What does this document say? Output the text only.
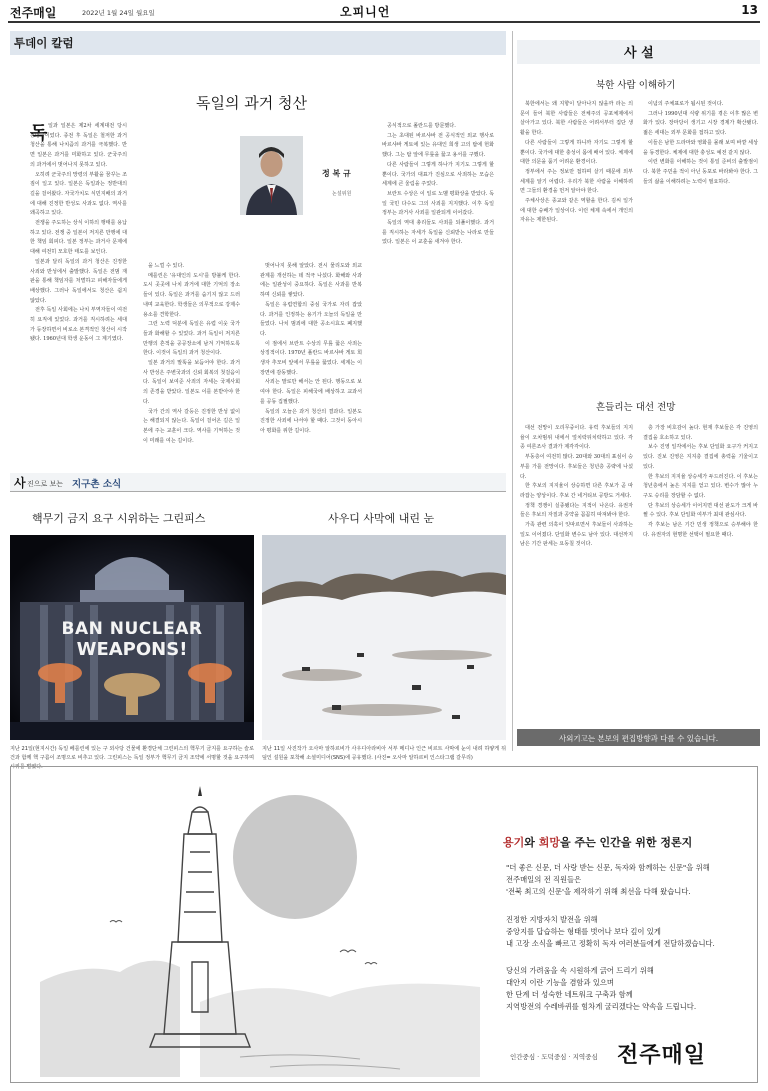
전주매일	2022년 1월 24일 월요일	오피니언	13
투데이 칼럼
독일의 과거 청산
정 복 규
논설위원
독 일과 일본은 제2차 세계대전 당시 동맹국이었다. 종전 후 독일은 철저한 과거 청산을 통해 나치즘의 과거를 극복했다. 반면 일본은 과거를 미화하고 있다. 군국주의의 과거에서 벗어나지 못하고 있다.

오히려 군국주의 망령의 부활을 꿈꾸는 조짐이 일고 있다. 일본은 독일과는 정반대의 길을 걸어왔다. 자국가치도 식민지배의 과거에 대해 진정한 반성도 사과도 없다. 역사를 왜곡하고 있다.

전쟁을 주도하는 상식 이하의 행태를 용납하고 있다. 전쟁 중 일본이 저지른 만행에 대한 책임 회피다. 일본 정부는 과거사 문제에 대해 여전히 모호한 태도를 보인다.

일본과 달리 독일의 과거 청산은 진정한 사죄와 반성에서 출발했다. 독일은 전범 재판을 통해 책임자를 처벌하고 피해자들에게 배상했다. 그러나 독일에서도 청산은 쉽지 않았다.

전후 독일 사회에는 나치 부역자들이 여전히 요직에 있었다. 과거를 직시하려는 세대가 등장하면서 비로소 본격적인 청산이 시작됐다. 1960년대 학생 운동이 그 계기였다.

을 느낄 수 있다.

메를린은 '유대인의 도시'를 방불케 한다. 도시 곳곳에 나치 과거에 대한 기억의 장소들이 있다. 독일은 과거를 숨기지 않고 드러내며 교육한다. 학생들은 의무적으로 강제수용소를 견학한다.

그런 노력 덕분에 독일은 유럽 이웃 국가들과 화해할 수 있었다. 과거 독일이 저지른 만행의 흔적을 공공장소에 남겨 기억하도록 한다. 이것이 독일의 과거 청산이다.

일본 과거의 말뚝을 보듬어야 한다. 과거사 반성은 주변국과의 신뢰 회복의 첫걸음이다. 독일이 보여준 사죄의 자세는 국제사회의 존경을 받았다. 일본도 이를 본받아야 한다.

국가 간의 역사 갈등은 진정한 반성 없이는 해결되지 않는다. 독일이 걸어온 길은 일본에 주는 교훈이 크다. 역사를 기억하는 것이 미래를 여는 길이다.

벗어나지 못해 알았다. 전시 물리도와 외교 관계를 개선하는 데 적극 나섰다. 화해와 사과에는 일관성이 중요하다. 독일은 사과를 반복하며 신뢰를 쌓았다.

독일은 유럽연합의 중심 국가로 자리 잡았다. 과거를 인정하는 용기가 오늘의 독일을 만들었다. 나치 범죄에 대한 공소시효도 폐지했다.

이 점에서 브란트 수상의 무릎 꿇은 사죄는 상징적이다. 1970년 폴란드 바르샤바 게토 희생자 추모비 앞에서 무릎을 꿇었다. 세계는 이 장면에 감동했다.

사죄는 말로만 해서는 안 된다. 행동으로 보여야 한다. 독일은 피해국에 배상하고 교과서를 공동 집필했다.

독일의 오늘은 과거 청산의 결과다. 일본도 진정한 사죄에 나서야 할 때다. 그것이 동아시아 평화를 위한 길이다.

공식적으로 폴란드를 방문했다.

그는 초대된 바르샤바 전 공식적인 외교 행사로 바르샤바 게토에 있는 유대인 희생 고의 탑에 헌화했다. 그는 탑 앞에 무릎을 꿇고 용서를 구했다.

다른 사람들이 그렇게 하나가 지기도 그렇게 할 뿐이다. 국가의 대표가 진심으로 사죄하는 모습은 세계에 큰 울림을 주었다.

브란트 수상은 이 일로 노벨 평화상을 받았다. 독일 국민 다수도 그의 사죄를 지지했다. 이후 독일 정부는 과거사 사죄를 일관되게 이어갔다.

독일의 역대 총리들도 사죄를 되풀이했다. 과거를 직시하는 자세가 독일을 신뢰받는 나라로 만들었다. 일본은 이 교훈을 새겨야 한다.

사 진으로 보는 지구촌 소식
핵무기 금지 요구 시위하는 그린피스	사우디 사막에 내린 눈
BAN NUCLEAR
WEAPONS!
지난 21일(현지시간) 독일 베를린에 있는 구 외사당 건물에 환경단체 그린피스의 핵무기 금지를 요구하는 슬로건과 함께 핵 구름이 조명으로 비추고 있다. 그린피스는 독일 정부가 핵무기 금지 조약에 서명할 것을 요구하며 시위를 벌였다.
지난 11일 사진작가 오사마 알하르비가 사우디아라비아 서부 메디나 인근 비르트 사막에 눈이 내려 하얗게 뒤덮인 설원을 포착해 소셜미디어(SNS)에 공유했다. (사진= 오사마 알하르비 인스타그램 갈무리)
사 설
북한 사람 이해하기

북한에서는 왜 지향이 달아나지 않을까 라는 의문이 들어 북한 사람들은 전체주의 공포체제에서 살아가고 있다. 북한 사람들은 어려서부터 집단 생활을 한다.

다른 사람들이 그렇게 하니까 자기도 그렇게 할 뿐이다. 국가에 대한 충성이 몸에 배어 있다. 체제에 대한 의문을 품기 어려운 환경이다.

정부에서 주는 정보만 접하며 살기 때문에 외부 세계를 알기 어렵다. 우리가 북한 사람을 이해하려면 그들의 환경을 먼저 알아야 한다.

주체사상은 종교와 같은 역할을 한다. 김씨 일가에 대한 숭배가 일상이다. 이런 체제 속에서 개인의 자유는 제한된다.

이념의 주체표로가 됩시된 것이다.

그러나 1990년대 식량 위기를 겪은 이후 많은 변화가 있다. 장마당이 생기고 시장 경제가 확산됐다. 젊은 세대는 외부 문화를 접하고 있다.

이들은 남한 드라마와 영화를 몰래 보며 바깥 세상을 동경한다. 체제에 대한 충성도 예전 같지 않다.

이런 변화를 이해하는 것이 통일 준비의 출발점이다. 북한 주민을 적이 아닌 동포로 바라봐야 한다. 그들의 삶을 이해하려는 노력이 필요하다.

흔들리는 대선 전망

대선 전망이 오리무중이다. 유력 후보들의 지지율이 오차범위 내에서 엎치락뒤치락하고 있다. 각종 여론조사 결과가 제각각이다.

부동층이 여전히 많다. 20대와 30대의 표심이 승부를 가를 전망이다. 후보들은 청년층 공략에 나섰다.

한 후보의 지지율이 상승하면 다른 후보가 곧 따라잡는 양상이다. 후보 간 네거티브 공방도 거세다.

정책 경쟁이 실종됐다는 지적이 나온다. 유권자들은 후보의 자질과 공약을 꼼꼼히 따져봐야 한다.

가족 관련 의혹이 잇따르면서 후보들이 사과하는 일도 이어졌다. 단일화 변수도 남아 있다. 대선까지 남은 기간 판세는 요동칠 것이다.

층 가장 비호감이 높다. 현재 후보들은 각 진영의 결집을 호소하고 있다.

보수 진영 일각에서는 후보 단일화 요구가 커지고 있다. 진보 진영은 지지층 결집에 총력을 기울이고 있다.

한 후보의 지지율 상승세가 두드러진다. 이 후보는 청년층에서 높은 지지를 얻고 있다. 변수가 많아 누구도 승리를 장담할 수 없다.

단 후보의 상승세가 이어지면 대선 판도가 크게 바뀔 수 있다. 후보 단일화 여부가 최대 관심사다.

각 후보는 남은 기간 민생 정책으로 승부해야 한다. 유권자의 현명한 선택이 필요한 때다.

사외기고는 본보의 편집방향과 다를 수 있습니다.
용기와 희망을 주는 인간을 위한 정론지
"더 좋은 신문, 더 사랑 받는 신문, 독자와 함께하는 신문"을 위해
전주매일의 전 직원들은
'전북 최고의 신문'을 제작하기 위해 최선을 다해 왔습니다.
진정한 지방자치 발전을 위해
중앙지를 답습하는 형태를 벗어나 보다 깊이 있게
내 고장 소식을 빠르고 정확히 독자 여러분들에게 전달하겠습니다.
당신의 가려움을 속 시원하게 긁어 드리기 위해
대안지 이란 기능을 겸함과 있으며
한 단계 더 성숙한 네트워크 구축과 함께
지역방전의 수레바퀴를 힘차게 굴리겠다는 약속을 드립니다.
인간중심 · 도덕중심 · 지역중심 전주매일
